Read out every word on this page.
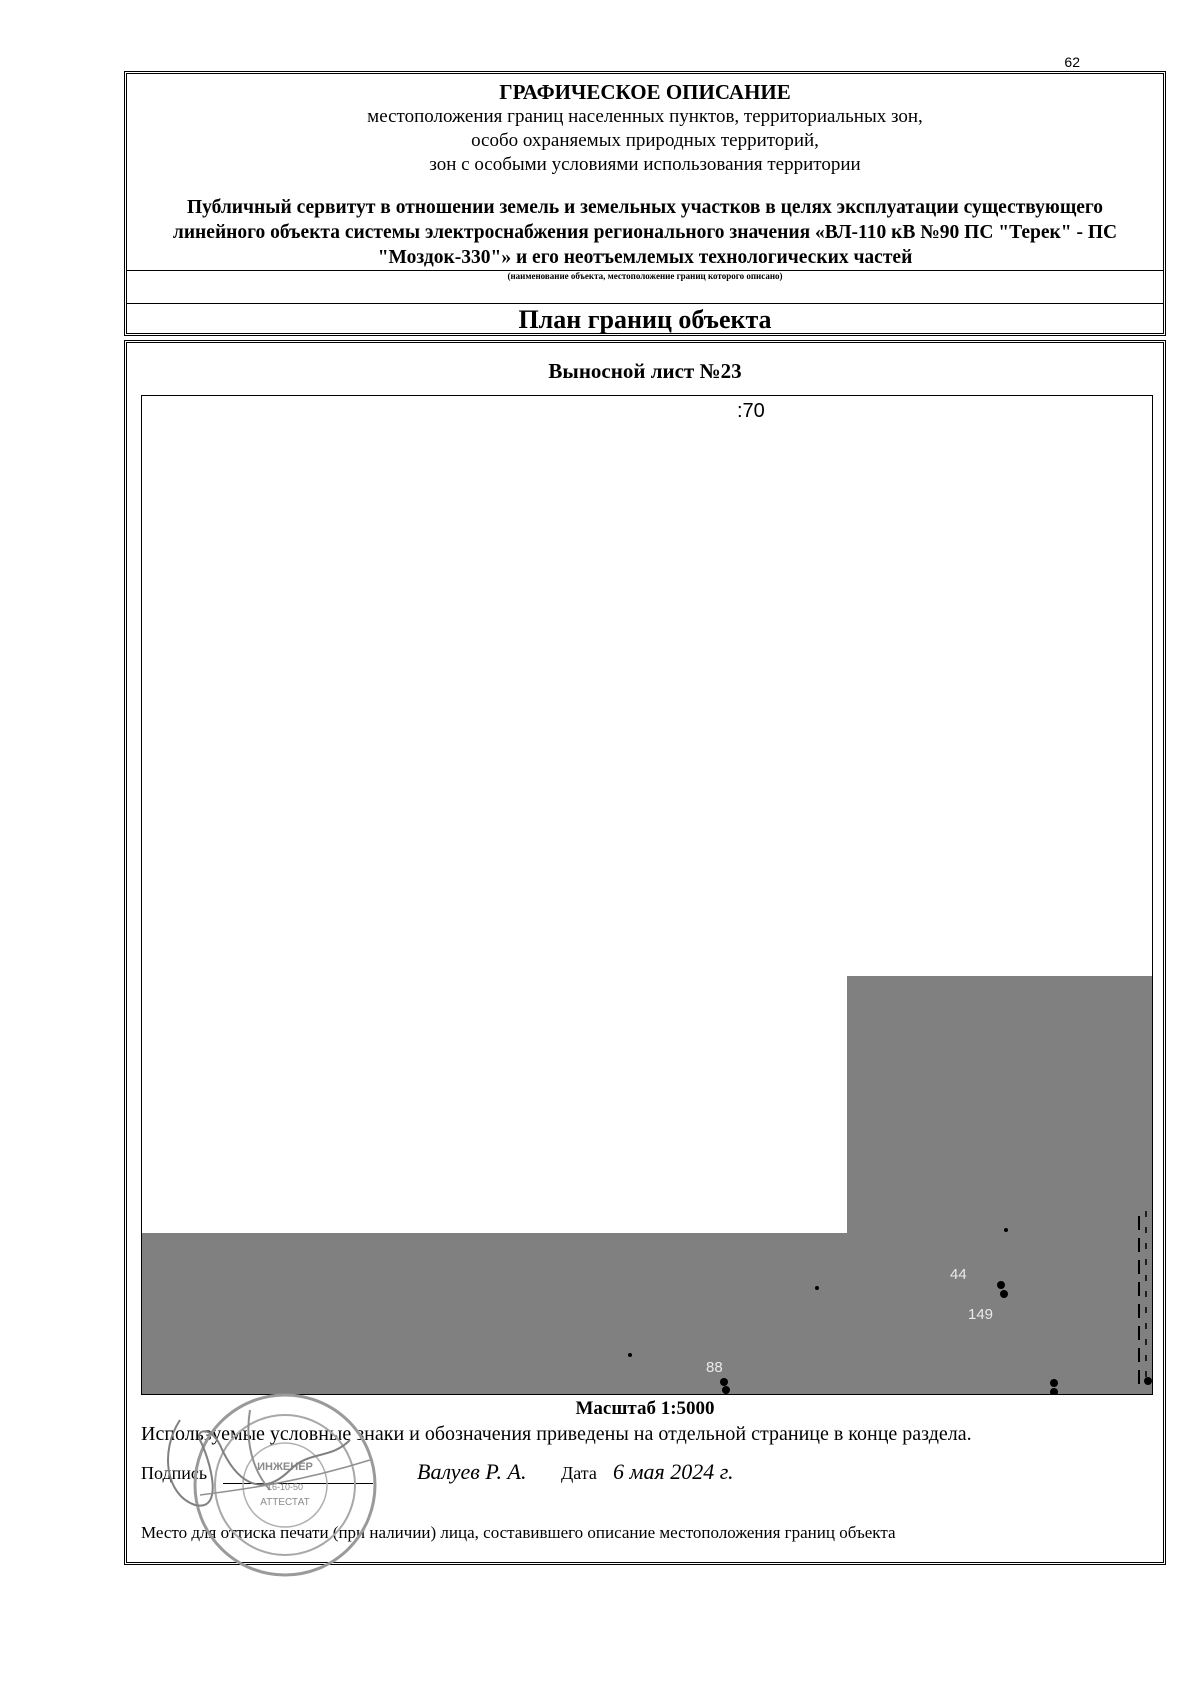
62
ГРАФИЧЕСКОЕ ОПИСАНИЕ
местоположения границ населенных пунктов, территориальных зон,
особо охраняемых природных территорий,
зон с особыми условиями использования территории
Публичный сервитут в отношении земель и земельных участков в целях эксплуатации существующего линейного объекта системы электроснабжения регионального значения «ВЛ-110 кВ №90 ПС "Терек" - ПС "Моздок-330"» и его неотъемлемых технологических частей
(наименование объекта, местоположение границ которого описано)
План границ объекта
Выносной лист №23
:70
44
149
88
Масштаб 1:5000
Используемые условные знаки и обозначения приведены на отдельной странице в конце раздела.
Подпись	Валуев Р. А. Дата 6 мая 2024 г.
Место для оттиска печати (при наличии) лица, составившего описание местоположения границ объекта
ИНЖЕНЕР
16-10-50
АТТЕСТАТ
